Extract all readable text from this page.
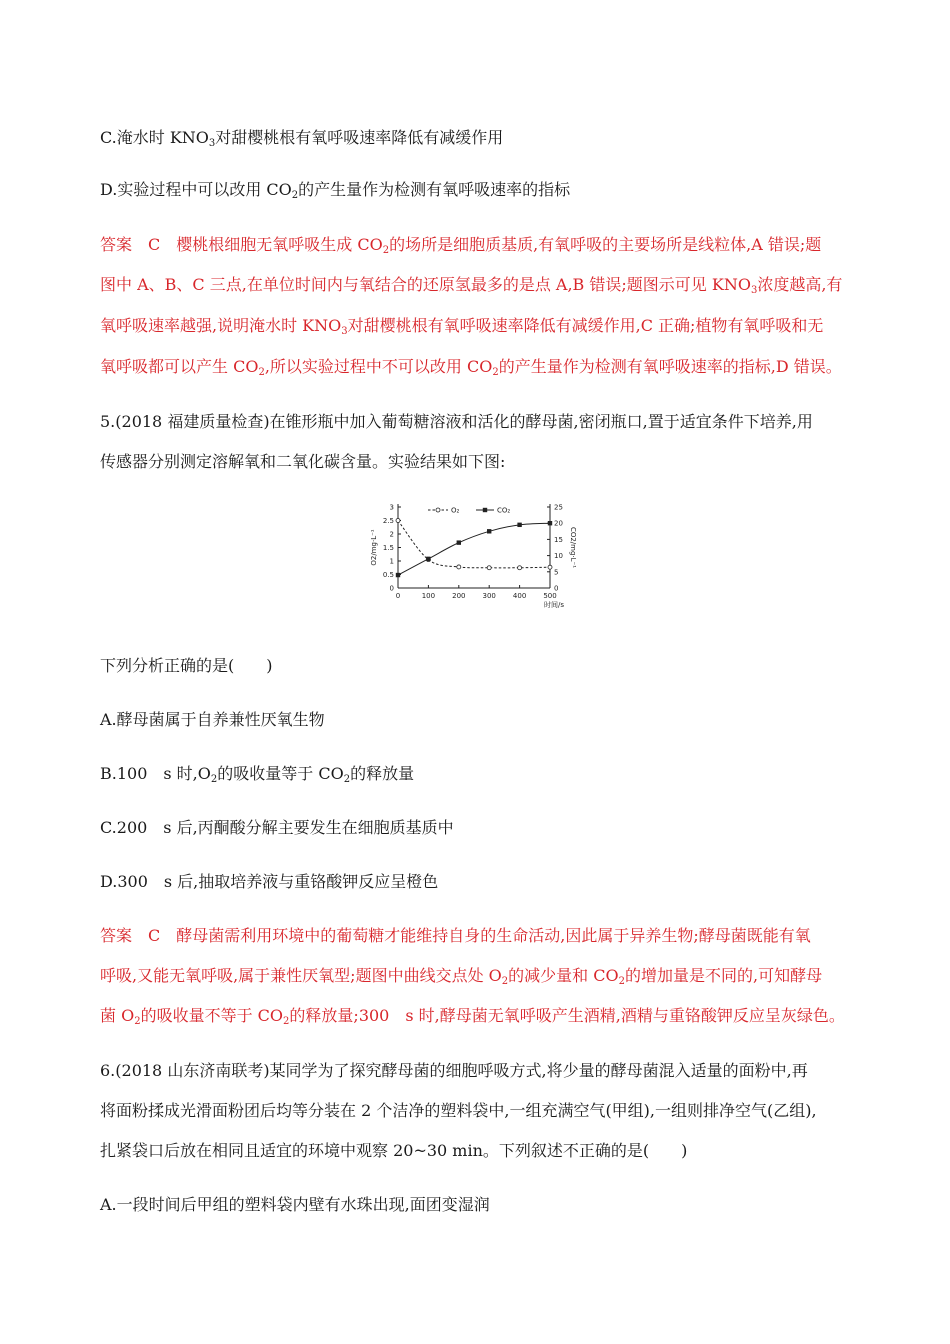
C.淹水时 $KNO_3$对甜樱桃根有氧呼吸速率降低有减缓作用
D.实验过程中可以改用 $CO_2$的产生量作为检测有氧呼吸速率的指标
答案　C　樱桃根细胞无氧呼吸生成 $CO_2$的场所是细胞质基质,有氧呼吸的主要场所是线粒体,A 错误;题
图中 A、B、C 三点,在单位时间内与氧结合的还原氢最多的是点 A,B 错误;题图示可见 $KNO_3$浓度越高,有
氧呼吸速率越强,说明淹水时 $KNO_3$对甜樱桃根有氧呼吸速率降低有减缓作用,C 正确;植物有氧呼吸和无
氧呼吸都可以产生 $CO_2$,所以实验过程中不可以改用 $CO_2$的产生量作为检测有氧呼吸速率的指标,D 错误。
5.(2018 福建质量检查)在锥形瓶中加入葡萄糖溶液和活化的酵母菌,密闭瓶口,置于适宜条件下培养,用
传感器分别测定溶解氧和二氧化碳含量。实验结果如下图:
0	100 200 300 400 500
0
0.5
1
1.5
2
2.5
3
0
5
10
15
20
25
时间/s
O2/mg·L⁻¹	CO2/mg·L⁻¹
O₂	CO₂
下列分析正确的是(　　)
A.酵母菌属于自养兼性厌氧生物
B.100　s 时$,O_2$的吸收量等于 $CO_2$的释放量
C.200　s 后,丙酮酸分解主要发生在细胞质基质中
D.300　s 后,抽取培养液与重铬酸钾反应呈橙色
答案　C　酵母菌需利用环境中的葡萄糖才能维持自身的生命活动,因此属于异养生物;酵母菌既能有氧
呼吸,又能无氧呼吸,属于兼性厌氧型;题图中曲线交点处 $O_2$的减少量和 $CO_2$的增加量是不同的,可知酵母
菌 $O_2$的吸收量不等于 $CO_2$的释放量;300　s 时,酵母菌无氧呼吸产生酒精,酒精与重铬酸钾反应呈灰绿色。
6.(2018 山东济南联考)某同学为了探究酵母菌的细胞呼吸方式,将少量的酵母菌混入适量的面粉中,再
将面粉揉成光滑面粉团后均等分装在 2 个洁净的塑料袋中,一组充满空气(甲组),一组则排净空气(乙组),
扎紧袋口后放在相同且适宜的环境中观察 20~30 min。下列叙述不正确的是(　　)
A.一段时间后甲组的塑料袋内壁有水珠出现,面团变湿润
